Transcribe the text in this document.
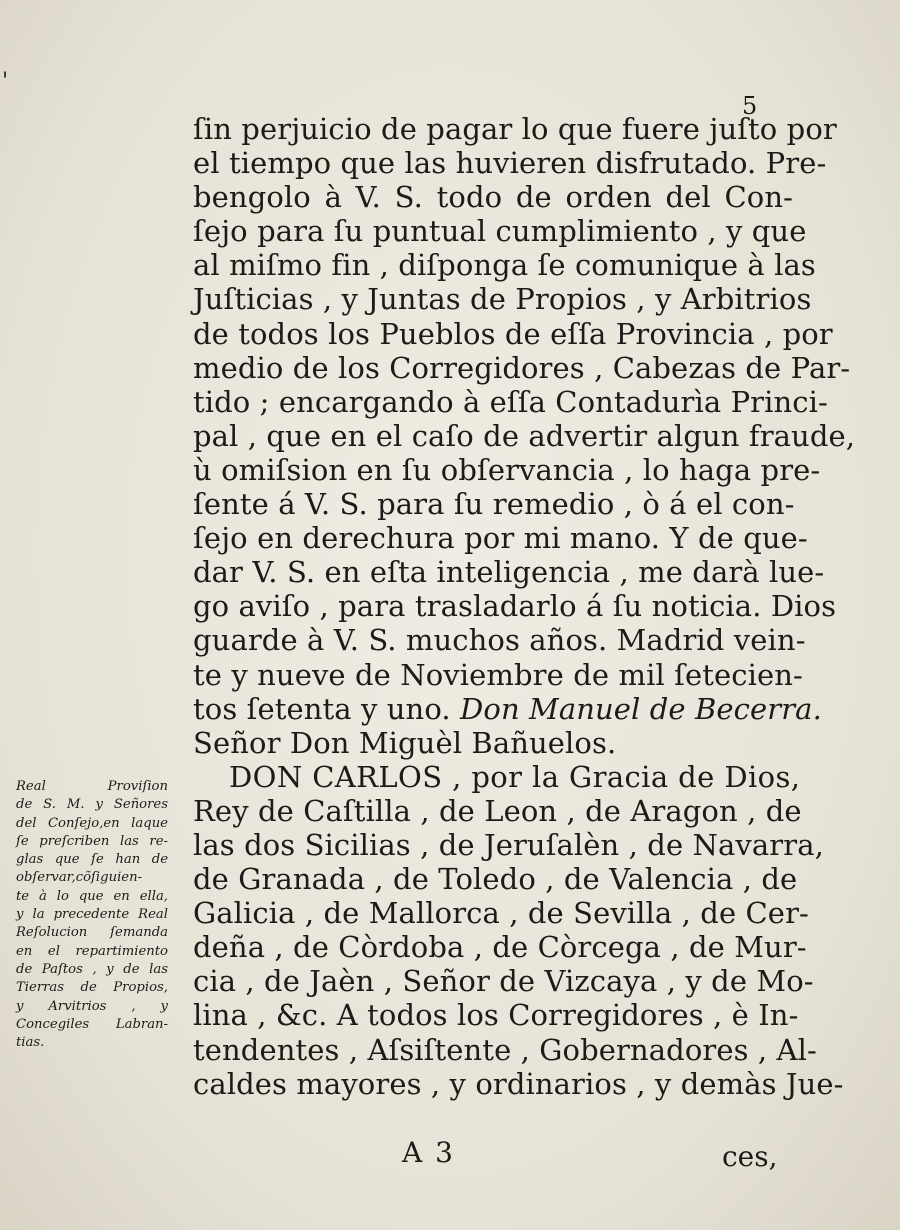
'
5
ſin perjuicio de pagar lo que fuere juſto por
el tiempo que las huvieren disfrutado. Pre-
bengolo à V. S. todo de orden del Con-
ſejo para ſu puntual cumplimiento , y que
al miſmo fin , diſponga ſe comunique à las
Juſticias , y Juntas de Propios , y Arbitrios
de todos los Pueblos de eſſa Provincia , por
medio de los Corregidores , Cabezas de Par-
tido ; encargando à eſſa Contadurìa Princi-
pal , que en el caſo de advertir algun fraude,
ù omiſsion en ſu obſervancia , lo haga pre-
ſente á V. S. para ſu remedio , ò á el con-
ſejo en derechura por mi mano. Y de que-
dar V. S. en eſta inteligencia , me darà lue-
go aviſo , para trasladarlo á ſu noticia. Dios
guarde à V. S. muchos años. Madrid vein-
te y nueve de Noviembre de mil ſetecien-
tos ſetenta y uno. Don Manuel de Becerra.
Señor Don Miguèl Bañuelos.
DON CARLOS , por la Gracia de Dios,
Rey de Caſtilla , de Leon , de Aragon , de
las dos Sicilias , de Jeruſalèn , de Navarra,
de Granada , de Toledo , de Valencia , de
Galicia , de Mallorca , de Sevilla , de Cer-
deña , de Còrdoba , de Còrcega , de Mur-
cia , de Jaèn , Señor de Vizcaya , y de Mo-
lina , &c. A todos los Corregidores , è In-
tendentes , Aſsiſtente , Gobernadores , Al-
caldes mayores , y ordinarios , y demàs Jue-
Real Proviſion
de S. M. y Señores
del Conſejo,en laque
ſe preſcriben las re-
glas que ſe han de
obſervar,cõſiguien-
te à lo que en ella,
y la precedente Real
Reſolucion ſemanda
en el repartimiento
de Paſtos , y de las
Tierras de Propios,
y Arvitrios , y
Concegiles Labran-
tias.
A 3	ces,
